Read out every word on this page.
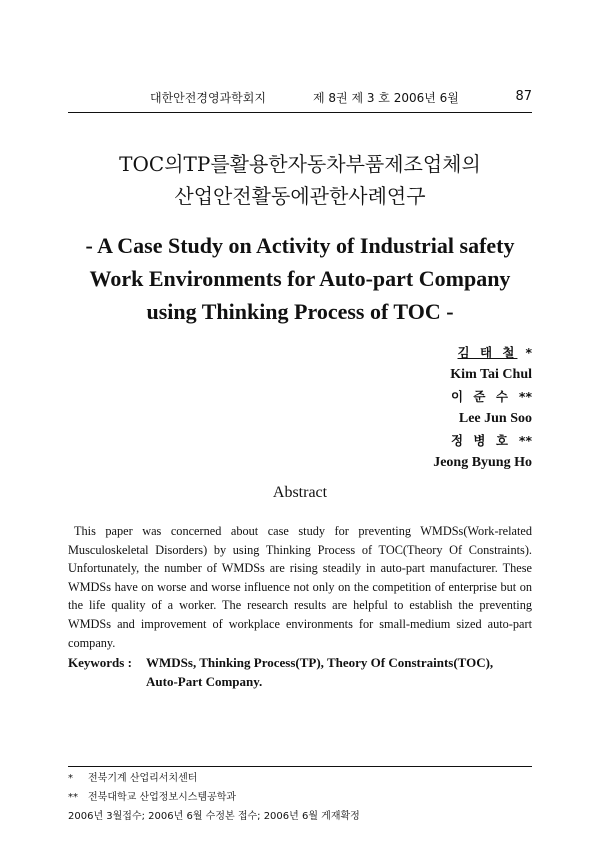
대한안전경영과학회지	제 8권 제 3 호 2006년 6월	87
TOC의TP를활용한자동차부품제조업체의
산업안전활동에관한사례연구
- A Case Study on Activity of Industrial safety
Work Environments for Auto-part Company
using Thinking Process of TOC -
김 태 철 *
Kim Tai Chul
이 준 수 **
Lee Jun Soo
정 병 호 **
Jeong Byung Ho
Abstract

This paper was concerned about case study for preventing WMDSs(Work-related Musculoskeletal Disorders) by using Thinking Process of TOC(Theory Of Constraints). Unfortunately, the number of WMDSs are rising steadily in auto-part manufacturer. These WMDSs have on worse and worse influence not only on the competition of enterprise but on the life quality of a worker. The research results are helpful to establish the preventing WMDSs and improvement of workplace environments for small-medium sized auto-part company.

Keywords : WMDSs, Thinking Process(TP), Theory Of Constraints(TOC),
Auto-Part Company.
* 전북기계 산업리서치센터
** 전북대학교 산업정보시스템공학과
2006년 3월접수; 2006년 6월 수정본 접수; 2006년 6월 게재확정
